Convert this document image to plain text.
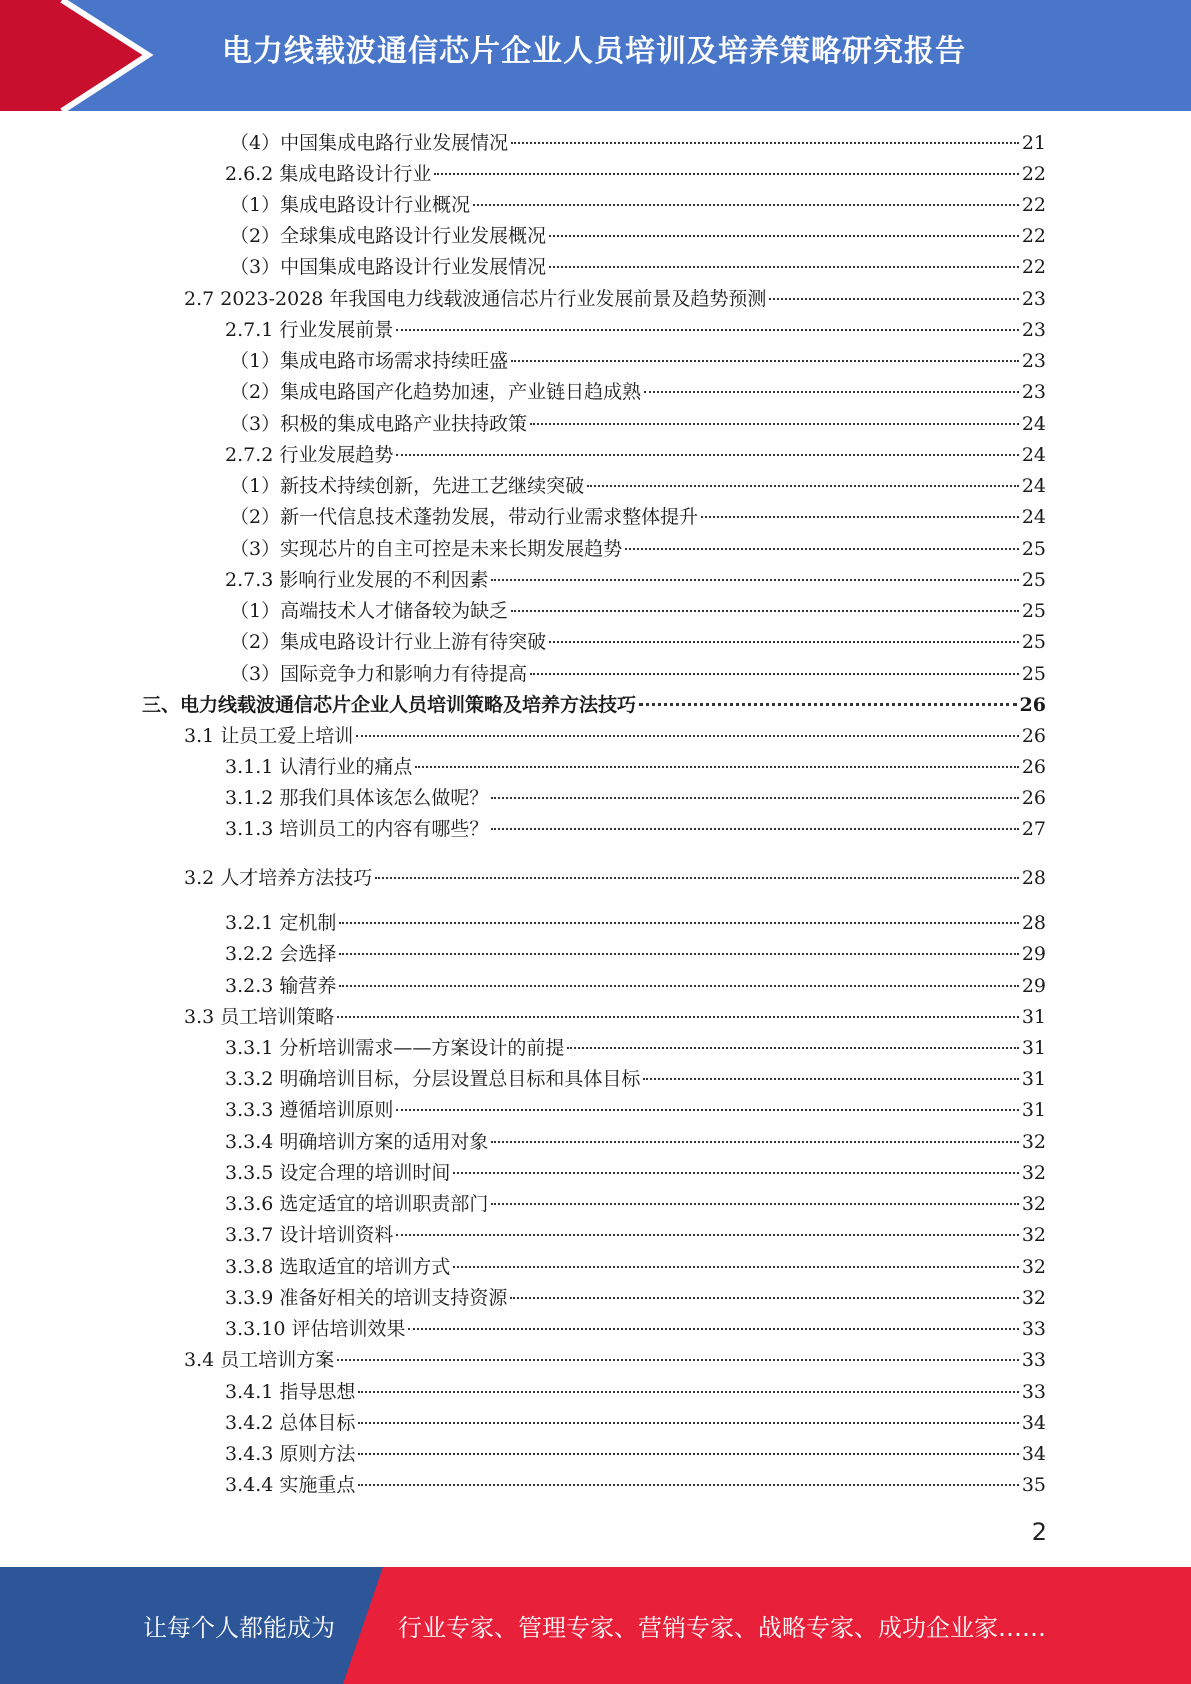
电力线载波通信芯片企业人员培训及培养策略研究报告
（4）中国集成电路行业发展情况	21
2.6.2 集成电路设计行业	22
（1）集成电路设计行业概况	22
（2）全球集成电路设计行业发展概况	22
（3）中国集成电路设计行业发展情况	22
2.7 2023-2028 年我国电力线载波通信芯片行业发展前景及趋势预测	23
2.7.1 行业发展前景	23
（1）集成电路市场需求持续旺盛	23
（2）集成电路国产化趋势加速，产业链日趋成熟	23
（3）积极的集成电路产业扶持政策	24
2.7.2 行业发展趋势	24
（1）新技术持续创新，先进工艺继续突破	24
（2）新一代信息技术蓬勃发展，带动行业需求整体提升	24
（3）实现芯片的自主可控是未来长期发展趋势	25
2.7.3 影响行业发展的不利因素	25
（1）高端技术人才储备较为缺乏	25
（2）集成电路设计行业上游有待突破	25
（3）国际竞争力和影响力有待提高	25
三、电力线载波通信芯片企业人员培训策略及培养方法技巧	26
3.1 让员工爱上培训	26
3.1.1 认清行业的痛点	26
3.1.2 那我们具体该怎么做呢？	26
3.1.3 培训员工的内容有哪些？	27
3.2 人才培养方法技巧	28
3.2.1 定机制	28
3.2.2 会选择	29
3.2.3 输营养	29
3.3 员工培训策略	31
3.3.1 分析培训需求——方案设计的前提	31
3.3.2 明确培训目标，分层设置总目标和具体目标	31
3.3.3 遵循培训原则	31
3.3.4 明确培训方案的适用对象	32
3.3.5 设定合理的培训时间	32
3.3.6 选定适宜的培训职责部门	32
3.3.7 设计培训资料	32
3.3.8 选取适宜的培训方式	32
3.3.9 准备好相关的培训支持资源	32
3.3.10 评估培训效果	33
3.4 员工培训方案	33
3.4.1 指导思想	33
3.4.2 总体目标	34
3.4.3 原则方法	34
3.4.4 实施重点	35
2
让每个人都能成为	行业专家、管理专家、营销专家、战略专家、成功企业家……
